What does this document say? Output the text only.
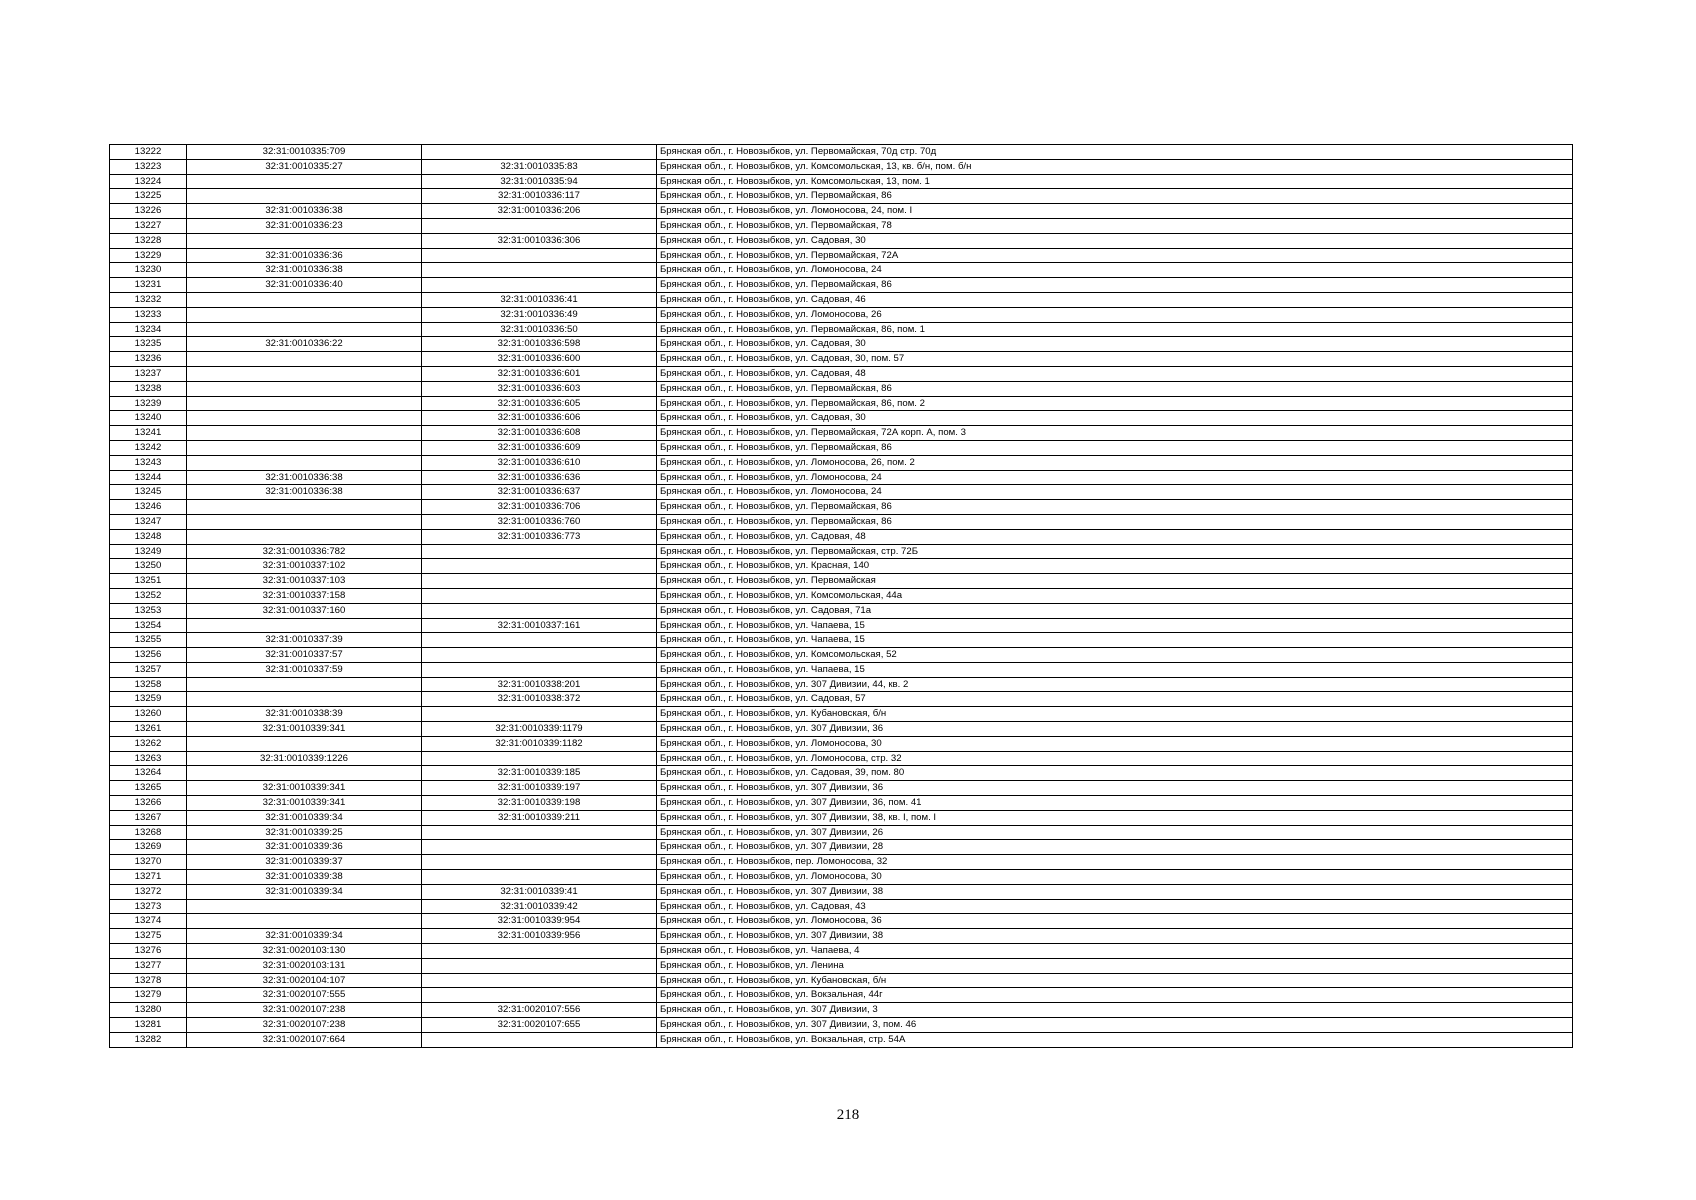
13222	32:31:0010335:709		Брянская обл., г. Новозыбков, ул. Первомайская, 70д стр. 70д
13223	32:31:0010335:27	32:31:0010335:83	Брянская обл., г. Новозыбков, ул. Комсомольская, 13, кв. б/н, пом. б/н
13224		32:31:0010335:94	Брянская обл., г. Новозыбков, ул. Комсомольская, 13, пом. 1
13225		32:31:0010336:117	Брянская обл., г. Новозыбков, ул. Первомайская, 86
13226	32:31:0010336:38	32:31:0010336:206	Брянская обл., г. Новозыбков, ул. Ломоносова, 24, пом. I
13227	32:31:0010336:23		Брянская обл., г. Новозыбков, ул. Первомайская, 78
13228		32:31:0010336:306	Брянская обл., г. Новозыбков, ул. Садовая, 30
13229	32:31:0010336:36		Брянская обл., г. Новозыбков, ул. Первомайская, 72А
13230	32:31:0010336:38		Брянская обл., г. Новозыбков, ул. Ломоносова, 24
13231	32:31:0010336:40		Брянская обл., г. Новозыбков, ул. Первомайская, 86
13232		32:31:0010336:41	Брянская обл., г. Новозыбков, ул. Садовая, 46
13233		32:31:0010336:49	Брянская обл., г. Новозыбков, ул. Ломоносова, 26
13234		32:31:0010336:50	Брянская обл., г. Новозыбков, ул. Первомайская, 86, пом. 1
13235	32:31:0010336:22	32:31:0010336:598	Брянская обл., г. Новозыбков, ул. Садовая, 30
13236		32:31:0010336:600	Брянская обл., г. Новозыбков, ул. Садовая, 30, пом. 57
13237		32:31:0010336:601	Брянская обл., г. Новозыбков, ул. Садовая, 48
13238		32:31:0010336:603	Брянская обл., г. Новозыбков, ул. Первомайская, 86
13239		32:31:0010336:605	Брянская обл., г. Новозыбков, ул. Первомайская, 86, пом. 2
13240		32:31:0010336:606	Брянская обл., г. Новозыбков, ул. Садовая, 30
13241		32:31:0010336:608	Брянская обл., г. Новозыбков, ул. Первомайская, 72А корп. А, пом. 3
13242		32:31:0010336:609	Брянская обл., г. Новозыбков, ул. Первомайская, 86
13243		32:31:0010336:610	Брянская обл., г. Новозыбков, ул. Ломоносова, 26, пом. 2
13244	32:31:0010336:38	32:31:0010336:636	Брянская обл., г. Новозыбков, ул. Ломоносова, 24
13245	32:31:0010336:38	32:31:0010336:637	Брянская обл., г. Новозыбков, ул. Ломоносова, 24
13246		32:31:0010336:706	Брянская обл., г. Новозыбков, ул. Первомайская, 86
13247		32:31:0010336:760	Брянская обл., г. Новозыбков, ул. Первомайская, 86
13248		32:31:0010336:773	Брянская обл., г. Новозыбков, ул. Садовая, 48
13249	32:31:0010336:782		Брянская обл., г. Новозыбков, ул. Первомайская, стр. 72Б
13250	32:31:0010337:102		Брянская обл., г. Новозыбков, ул. Красная, 140
13251	32:31:0010337:103		Брянская обл., г. Новозыбков, ул. Первомайская
13252	32:31:0010337:158		Брянская обл., г. Новозыбков, ул. Комсомольская, 44а
13253	32:31:0010337:160		Брянская обл., г. Новозыбков, ул. Садовая, 71а
13254		32:31:0010337:161	Брянская обл., г. Новозыбков, ул. Чапаева, 15
13255	32:31:0010337:39		Брянская обл., г. Новозыбков, ул. Чапаева, 15
13256	32:31:0010337:57		Брянская обл., г. Новозыбков, ул. Комсомольская, 52
13257	32:31:0010337:59		Брянская обл., г. Новозыбков, ул. Чапаева, 15
13258		32:31:0010338:201	Брянская обл., г. Новозыбков, ул. 307 Дивизии, 44, кв. 2
13259		32:31:0010338:372	Брянская обл., г. Новозыбков, ул. Садовая, 57
13260	32:31:0010338:39		Брянская обл., г. Новозыбков, ул. Кубановская, б/н
13261	32:31:0010339:341	32:31:0010339:1179	Брянская обл., г. Новозыбков, ул. 307 Дивизии, 36
13262		32:31:0010339:1182	Брянская обл., г. Новозыбков, ул. Ломоносова, 30
13263	32:31:0010339:1226		Брянская обл., г. Новозыбков, ул. Ломоносова, стр. 32
13264		32:31:0010339:185	Брянская обл., г. Новозыбков, ул. Садовая, 39, пом. 80
13265	32:31:0010339:341	32:31:0010339:197	Брянская обл., г. Новозыбков, ул. 307 Дивизии, 36
13266	32:31:0010339:341	32:31:0010339:198	Брянская обл., г. Новозыбков, ул. 307 Дивизии, 36, пом. 41
13267	32:31:0010339:34	32:31:0010339:211	Брянская обл., г. Новозыбков, ул. 307 Дивизии, 38, кв. I, пом. I
13268	32:31:0010339:25		Брянская обл., г. Новозыбков, ул. 307 Дивизии, 26
13269	32:31:0010339:36		Брянская обл., г. Новозыбков, ул. 307 Дивизии, 28
13270	32:31:0010339:37		Брянская обл., г. Новозыбков, пер. Ломоносова, 32
13271	32:31:0010339:38		Брянская обл., г. Новозыбков, ул. Ломоносова, 30
13272	32:31:0010339:34	32:31:0010339:41	Брянская обл., г. Новозыбков, ул. 307 Дивизии, 38
13273		32:31:0010339:42	Брянская обл., г. Новозыбков, ул. Садовая, 43
13274		32:31:0010339:954	Брянская обл., г. Новозыбков, ул. Ломоносова, 36
13275	32:31:0010339:34	32:31:0010339:956	Брянская обл., г. Новозыбков, ул. 307 Дивизии, 38
13276	32:31:0020103:130		Брянская обл., г. Новозыбков, ул. Чапаева, 4
13277	32:31:0020103:131		Брянская обл., г. Новозыбков, ул. Ленина
13278	32:31:0020104:107		Брянская обл., г. Новозыбков, ул. Кубановская, б/н
13279	32:31:0020107:555		Брянская обл., г. Новозыбков, ул. Вокзальная, 44г
13280	32:31:0020107:238	32:31:0020107:556	Брянская обл., г. Новозыбков, ул. 307 Дивизии, 3
13281	32:31:0020107:238	32:31:0020107:655	Брянская обл., г. Новозыбков, ул. 307 Дивизии, 3, пом. 46
13282	32:31:0020107:664		Брянская обл., г. Новозыбков, ул. Вокзальная, стр. 54А
218
